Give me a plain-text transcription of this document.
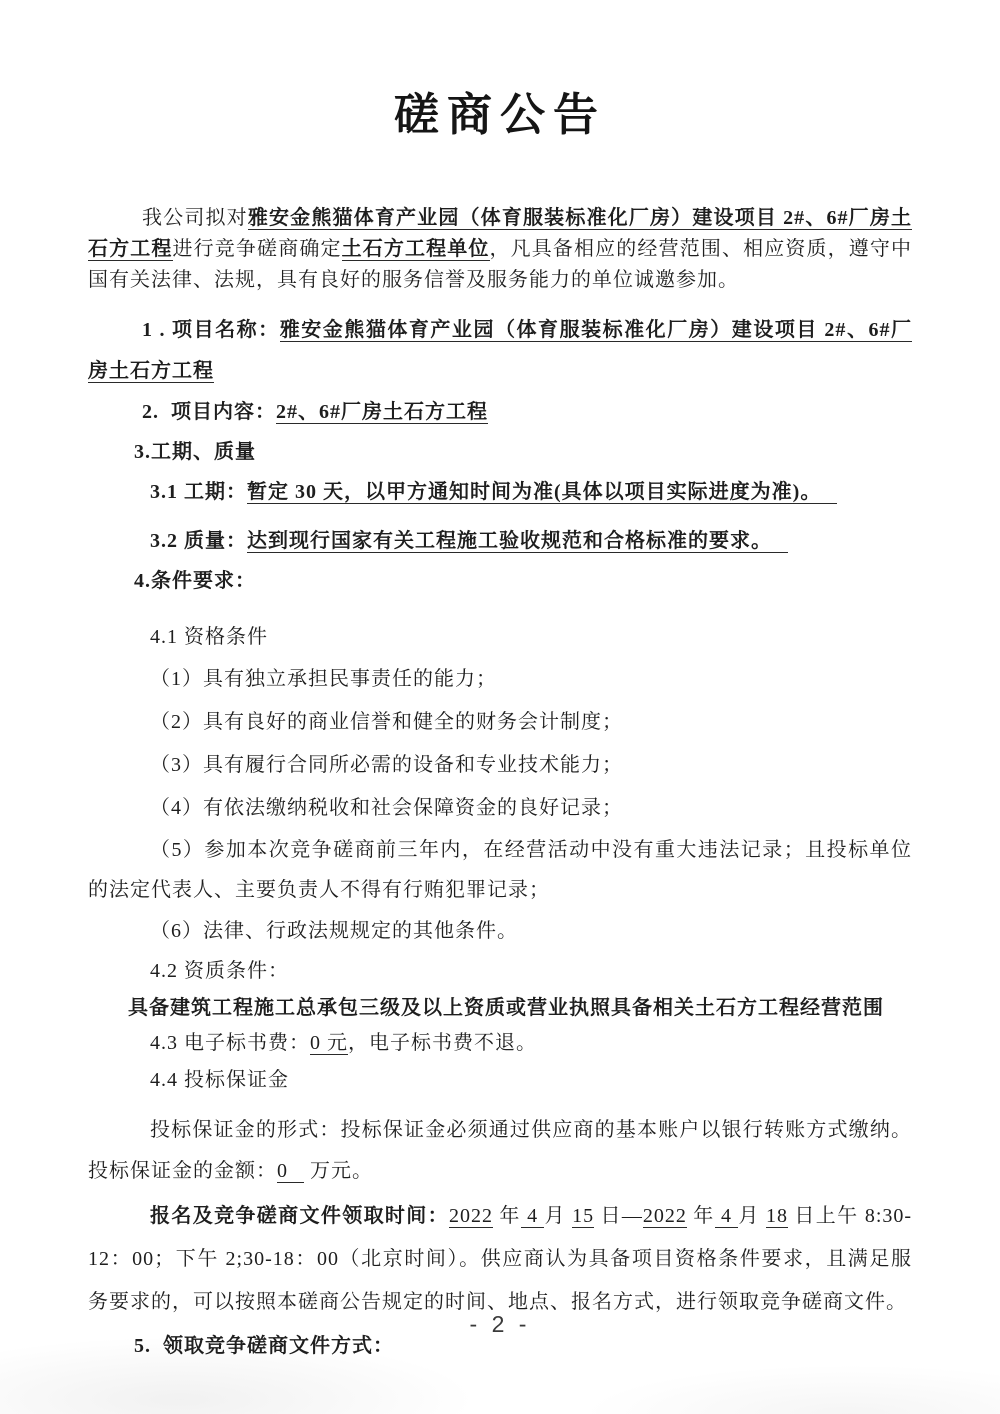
磋商公告

我公司拟对雅安金熊猫体育产业园（体育服装标准化厂房）建设项目 2#、6#厂房土石方工程进行竞争磋商确定土石方工程单位，凡具备相应的经营范围、相应资质，遵守中国有关法律、法规，具有良好的服务信誉及服务能力的单位诚邀参加。

1 . 项目名称：雅安金熊猫体育产业园（体育服装标准化厂房）建设项目 2#、6#厂房土石方工程

2.  项目内容：2#、6#厂房土石方工程

3.工期、质量

3.1 工期：暂定 30 天，以甲方通知时间为准(具体以项目实际进度为准)。

3.2 质量：达到现行国家有关工程施工验收规范和合格标准的要求。

4.条件要求：

4.1 资格条件

（1）具有独立承担民事责任的能力；

（2）具有良好的商业信誉和健全的财务会计制度；

（3）具有履行合同所必需的设备和专业技术能力；

（4）有依法缴纳税收和社会保障资金的良好记录；

（5）参加本次竞争磋商前三年内，在经营活动中没有重大违法记录；且投标单位的法定代表人、主要负责人不得有行贿犯罪记录；

（6）法律、行政法规规定的其他条件。

4.2 资质条件：

具备建筑工程施工总承包三级及以上资质或营业执照具备相关土石方工程经营范围

4.3 电子标书费：0 元，电子标书费不退。

4.4 投标保证金

投标保证金的形式：投标保证金必须通过供应商的基本账户以银行转账方式缴纳。投标保证金的金额：0 万元。

报名及竞争磋商文件领取时间：2022 年 4 月 15 日—2022 年 4 月 18 日上午 8:30-12：00；下午 2;30-18：00（北京时间）。供应商认为具备项目资格条件要求，且满足服务要求的，可以按照本磋商公告规定的时间、地点、报名方式，进行领取竞争磋商文件。

5.  领取竞争磋商文件方式：

- 2 -
